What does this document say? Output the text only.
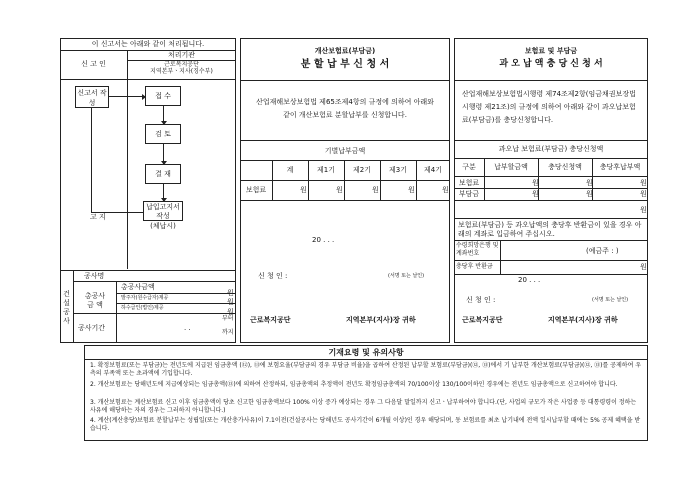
이 신고서는 아래와 같이 처리됩니다.
처리기관
신 고 인	근로복지공단
지역본부ㆍ지사(징수부)
신고서 작성
접 수
검 토
결 재
납입고지서 작성
(체납시)
고 지
건설공사
공사명
총공사
금 액
총공사금액
원
발주자(원수급자)제공	원
하수급인(법인)제공	원
공사기간
부터
까지
. .
개산보험료(부담금)
분 할 납 부 신 청 서
산업재해보상보험법 제65조제4항의 규정에 의하여 아래와 같이 개산보험료 분할납부를 신청합니다.
기별납부금액
계	제1기	제2기	제3기	제4기
보험료	원	원	원	원	원
20 . . .
신 청 인 :	(서명 또는 날인)
근로복지공단	지역본부(지사)장 귀하
보험료 및 부담금
과 오 납 액 충 당 신 청 서
산업재해보상보험법시행령 제74조제2항(임금채권보장법시행령 제21조)의 규정에 의하여 아래와 같이 과오납보험료(부담금)를 충당신청합니다.
과오납 보험료(부담금) 충당신청액
구분	납부할금액	충당신청액	충당후납부액
보험료	원	원	원
부담금	원	원	원
원
보험료(부담금) 등 과오납액의 충당후 반환금이 있을 경우 아래의 계좌로 입금하여 주십시오.
수령희망은행 및 계좌번호	(예금주 : )
충당후 반환금	원
20 . . .
신 청 인 :	(서명 또는 날인)
근로복지공단	지역본부(지사)장 귀하
기재요령 및 유의사항
1. 확정보험료(또는 부담금)는 전년도에 지급된 임금총액 (⑫), ⑬에 보험요율(부담금의 경우 부담금 비율)을 곱하여 산정된 납부할 보험료(부담금)(⑫, ⑬)에서 기 납부한 개산보험료(부담금)(⑫, ⑬)를 공제하여 우측의 부족액 또는 초과액에 기입합니다.
2. 개산보험료는 당해년도에 지급예상되는 임금총액(⑬)에 의하여 산정하되, 임금총액의 추정액이 전년도 확정임금총액의 70/100이상 130/100이하인 경우에는 전년도 임금총액으로 신고하여야 합니다.
3. 개산보험료는 계산보험료 신고 이후 임금총액이 당초 신고한 임금총액보다 100% 이상 증가 예상되는 경우 그 다음달 말일까지 신고ㆍ납부하여야 합니다.(단, 사업의 규모가 작은 사업중 등 대통령령이 정하는 사유에 해당하는 자의 경우는 그러하지 아니합니다.)
4. 계산(계산충당)보험료 분할납부는 성립일(또는 개산충가사유)이 7.1이전(건설공사는 당해년도 공사기간이 6개월 이상)인 경우 해당되며, 동 보험료를 최초 납기내에 전액 일시납부할 때에는 5% 공제 혜택을 받습니다.
